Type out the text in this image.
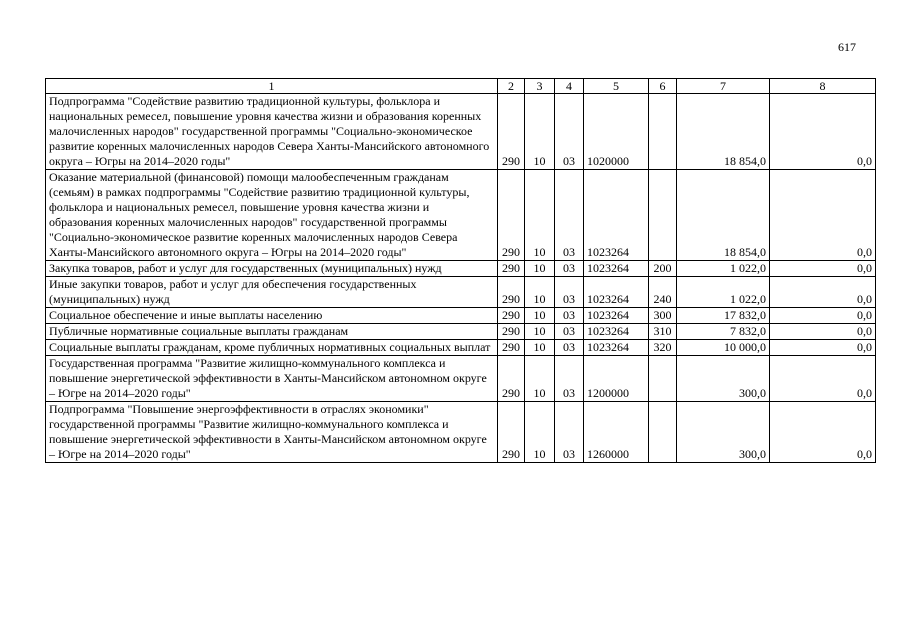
617
1	2	3	4	5	6	7	8
Подпрограмма "Содействие развитию традиционной культуры, фольклора и национальных ремесел, повышение уровня качества жизни и образования коренных малочисленных народов" государственной программы "Социально-экономическое развитие коренных малочисленных народов Севера Ханты-Мансийского автономного округа – Югры на 2014–2020 годы"	290	10	03	1020000		18 854,0	0,0
Оказание материальной (финансовой) помощи малообеспеченным гражданам (семьям) в рамках подпрограммы "Содействие развитию традиционной культуры, фольклора и национальных ремесел, повышение уровня качества жизни и образования коренных малочисленных народов" государственной программы "Социально-экономическое развитие коренных малочисленных народов Севера Ханты-Мансийского автономного округа – Югры на 2014–2020 годы"	290	10	03	1023264		18 854,0	0,0
Закупка товаров, работ и услуг для государственных (муниципальных) нужд	290	10	03	1023264	200	1 022,0	0,0
Иные закупки товаров, работ и услуг для обеспечения государственных (муниципальных) нужд	290	10	03	1023264	240	1 022,0	0,0
Социальное обеспечение и иные выплаты населению	290	10	03	1023264	300	17 832,0	0,0
Публичные нормативные социальные выплаты гражданам	290	10	03	1023264	310	7 832,0	0,0
Социальные выплаты гражданам, кроме публичных нормативных социальных выплат	290	10	03	1023264	320	10 000,0	0,0
Государственная программа "Развитие жилищно-коммунального комплекса и повышение энергетической эффективности в Ханты-Мансийском автономном округе – Югре на 2014–2020 годы"	290	10	03	1200000		300,0	0,0
Подпрограмма "Повышение энергоэффективности в отраслях экономики" государственной программы "Развитие жилищно-коммунального комплекса и повышение энергетической эффективности в Ханты-Мансийском автономном округе – Югре на 2014–2020 годы"	290	10	03	1260000		300,0	0,0
